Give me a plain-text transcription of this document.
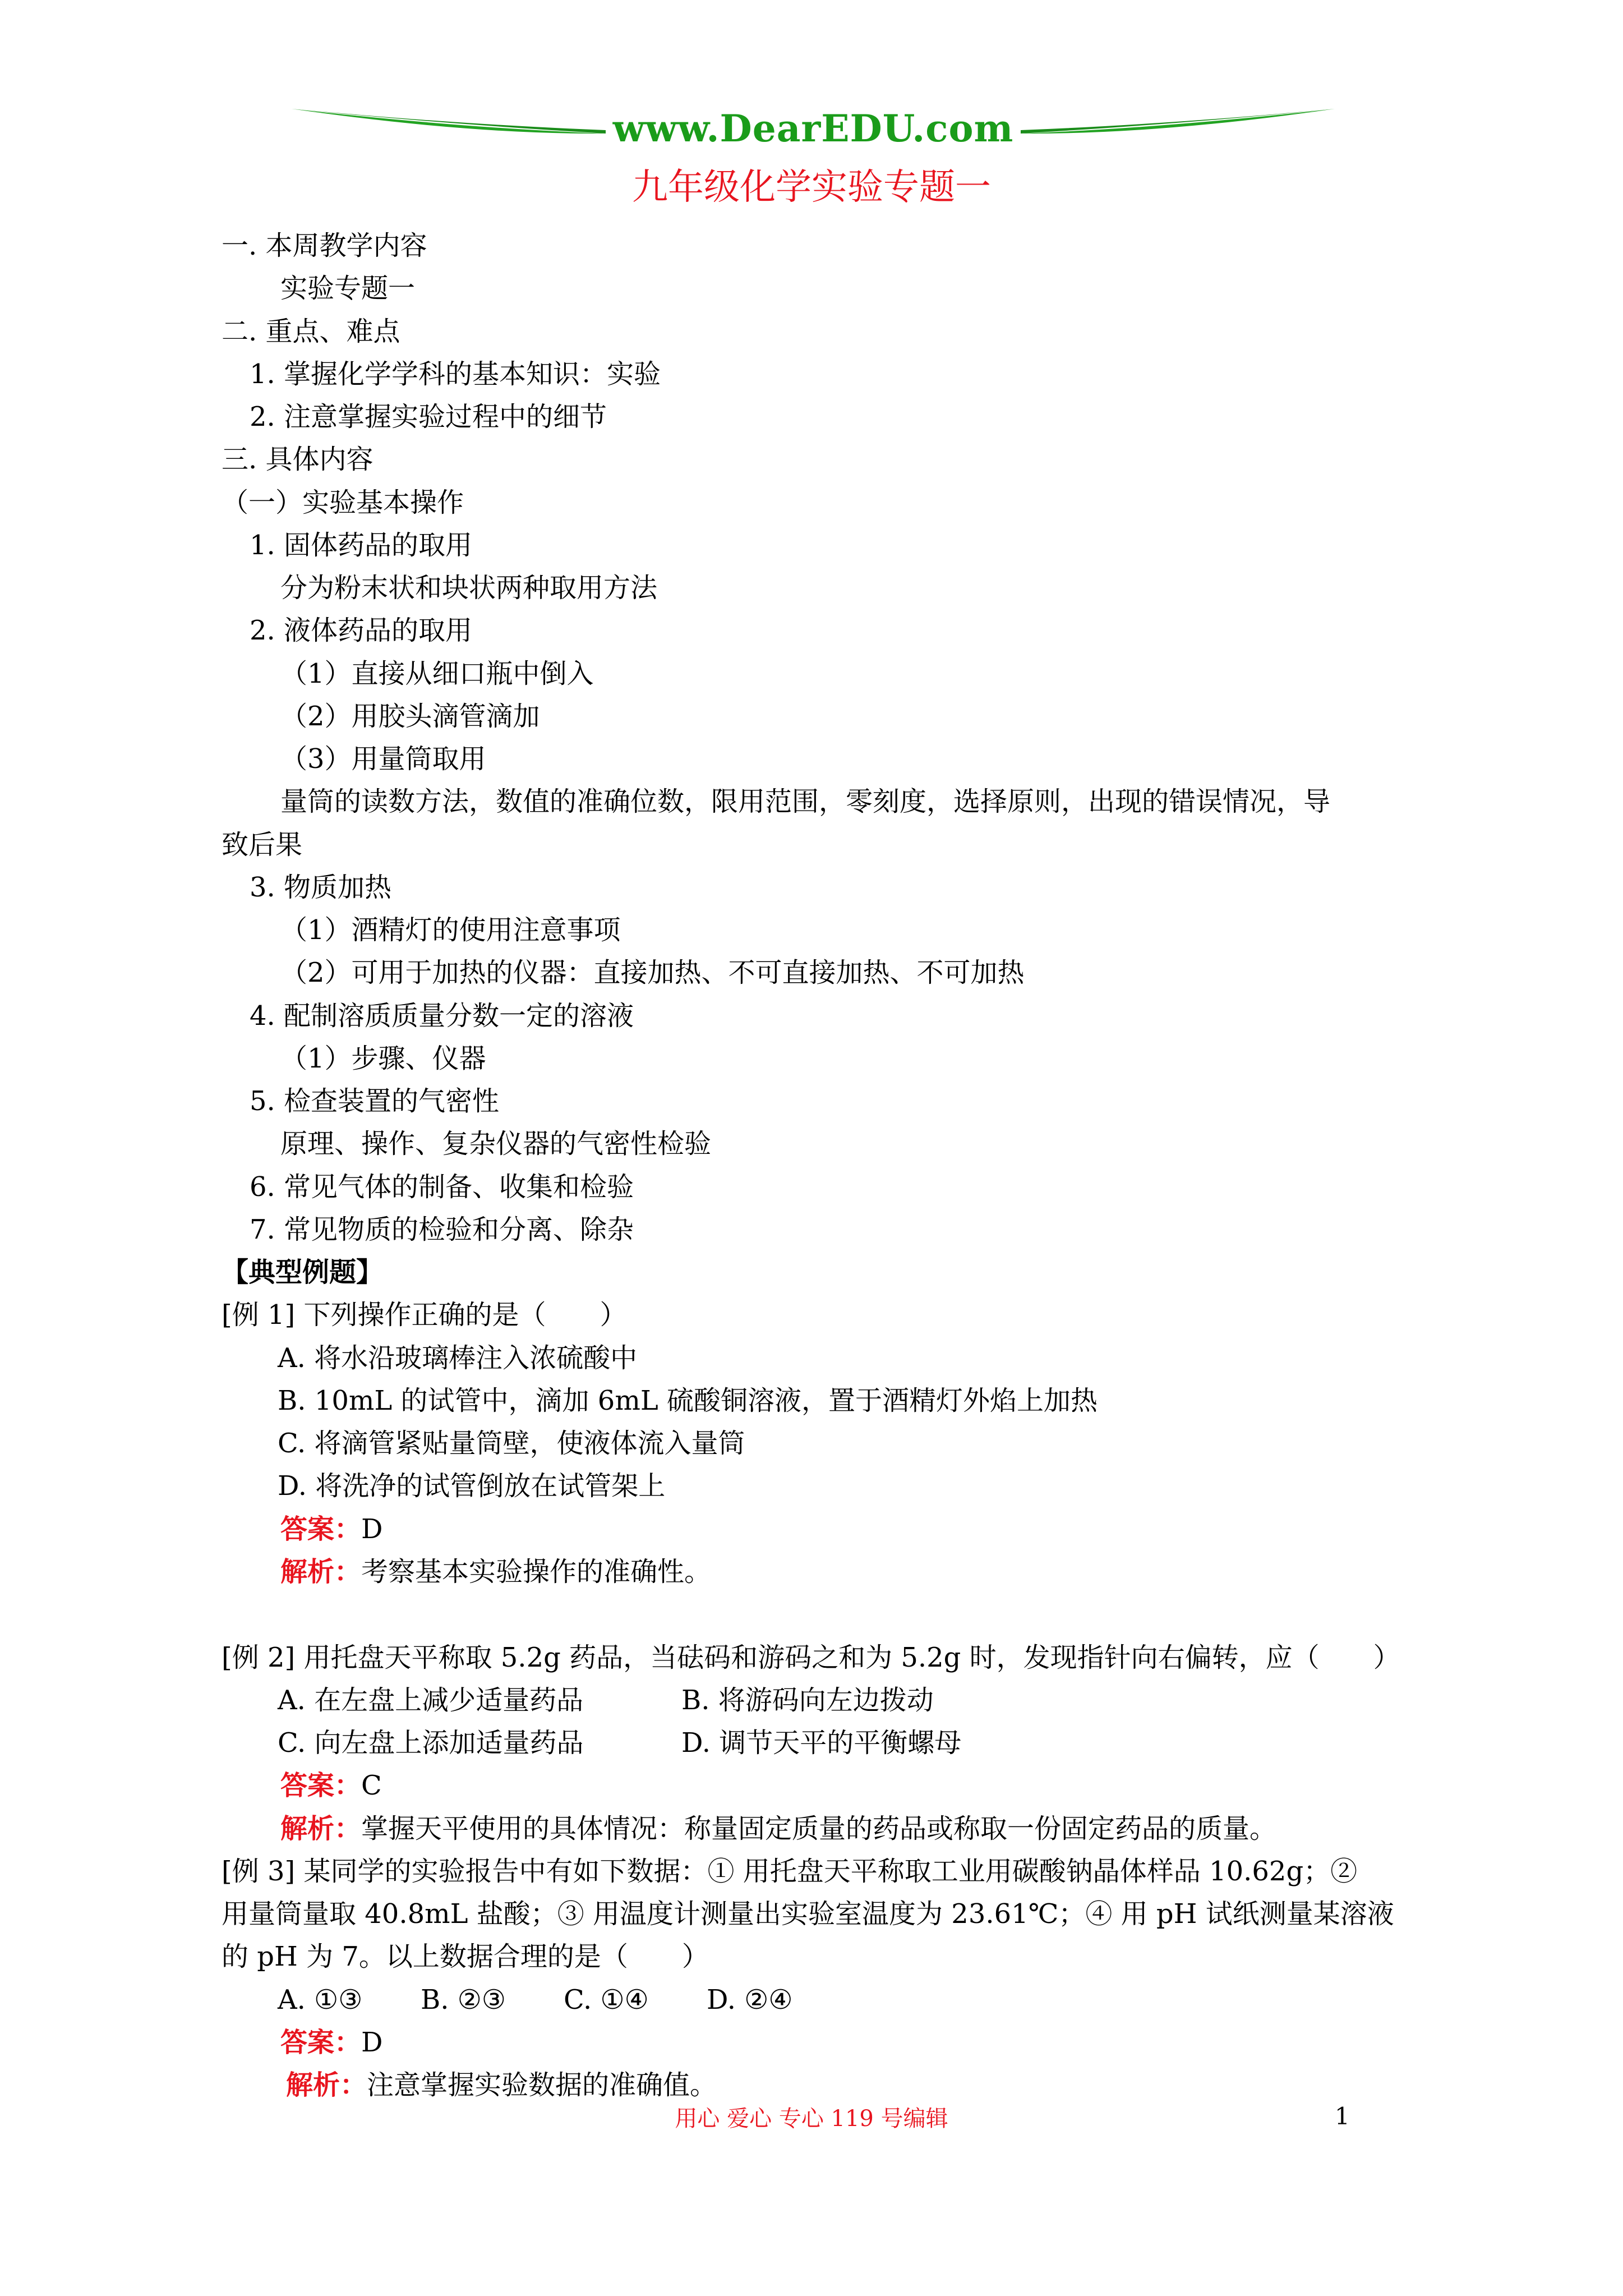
www.DearEDU.com
九年级化学实验专题一
一. 本周教学内容
实验专题一
二. 重点、难点
1. 掌握化学学科的基本知识：实验
2. 注意掌握实验过程中的细节
三. 具体内容
（一）实验基本操作
1. 固体药品的取用
分为粉末状和块状两种取用方法
2. 液体药品的取用
（1）直接从细口瓶中倒入
（2）用胶头滴管滴加
（3）用量筒取用
量筒的读数方法，数值的准确位数，限用范围，零刻度，选择原则，出现的错误情况，导
致后果
3. 物质加热
（1）酒精灯的使用注意事项
（2）可用于加热的仪器：直接加热、不可直接加热、不可加热
4. 配制溶质质量分数一定的溶液
（1）步骤、仪器
5. 检查装置的气密性
原理、操作、复杂仪器的气密性检验
6. 常见气体的制备、收集和检验
7. 常见物质的检验和分离、除杂
【典型例题】
[例 1] 下列操作正确的是（　　）
A. 将水沿玻璃棒注入浓硫酸中
B. 10mL 的试管中，滴加 6mL 硫酸铜溶液，置于酒精灯外焰上加热
C. 将滴管紧贴量筒壁，使液体流入量筒
D. 将洗净的试管倒放在试管架上
答案：D
解析：考察基本实验操作的准确性。
[例 2] 用托盘天平称取 5.2g 药品，当砝码和游码之和为 5.2g 时，发现指针向右偏转，应（　　）
A. 在左盘上减少适量药品	B. 将游码向左边拨动
C. 向左盘上添加适量药品	D. 调节天平的平衡螺母
答案：C
解析：掌握天平使用的具体情况：称量固定质量的药品或称取一份固定药品的质量。
[例 3] 某同学的实验报告中有如下数据：① 用托盘天平称取工业用碳酸钠晶体样品 10.62g；②
用量筒量取 40.8mL 盐酸；③ 用温度计测量出实验室温度为 23.61℃；④ 用 pH 试纸测量某溶液
的 pH 为 7。以上数据合理的是（　　）
A. ①③ B. ②③ C. ①④ D. ②④
答案：D
解析：注意掌握实验数据的准确值。
用心 爱心 专心 119 号编辑	1
